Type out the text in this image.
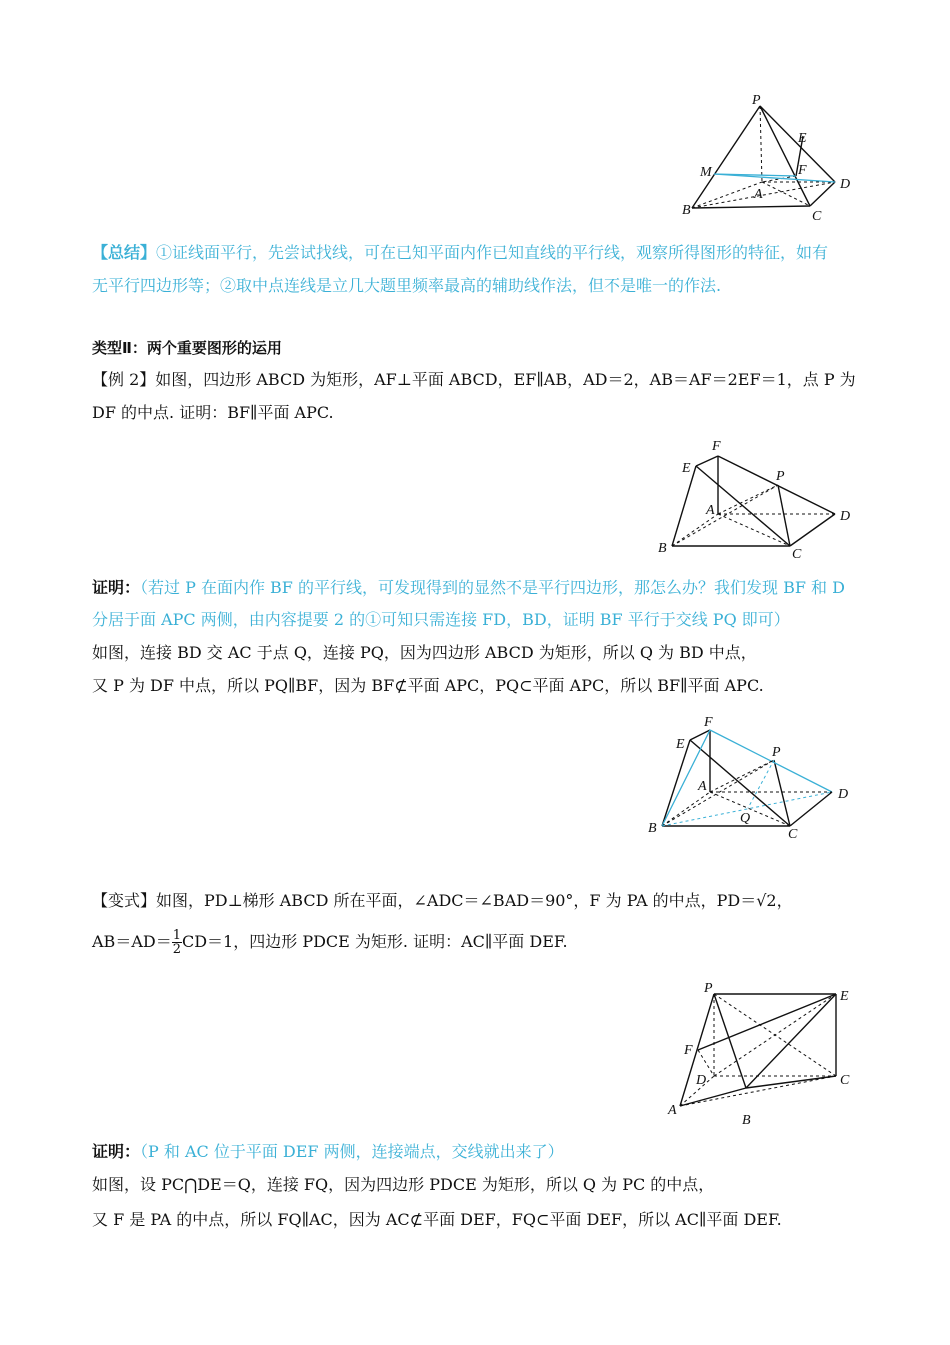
P
E
F
M
A
D
B	C
【总结】①证线面平行，先尝试找线，可在已知平面内作已知直线的平行线，观察所得图形的特征，如有
无平行四边形等；②取中点连线是立几大题里频率最高的辅助线作法，但不是唯一的作法.
类型Ⅱ：两个重要图形的运用
【例 2】如图，四边形 ABCD 为矩形，AF⊥平面 ABCD，EF∥AB，AD＝2，AB＝AF＝2EF＝1，点 P 为
DF 的中点. 证明：BF∥平面 APC.
F
E
P
A	D
B	C
证明：（若过 P 在面内作 BF 的平行线，可发现得到的显然不是平行四边形，那怎么办？我们发现 BF 和 D
分居于面 APC 两侧，由内容提要 2 的①可知只需连接 FD，BD，证明 BF 平行于交线 PQ 即可）
如图，连接 BD 交 AC 于点 Q，连接 PQ，因为四边形 ABCD 为矩形，所以 Q 为 BD 中点，
又 P 为 DF 中点，所以 PQ∥BF，因为 BF⊄平面 APC，PQ⊂平面 APC，所以 BF∥平面 APC.
F
E
P
A
D
Q
B	C
【变式】如图，PD⊥梯形 ABCD 所在平面，∠ADC＝∠BAD＝90°，F 为 PA 的中点，PD＝√2，
$AB=AD= \frac{1}{2} CD=1$，四边形 PDCE 为矩形. 证明：AC∥平面 DEF.
P
E
F
D	C
A
B
证明：（P 和 AC 位于平面 DEF 两侧，连接端点，交线就出来了）
如图，设 PC⋂DE＝Q，连接 FQ，因为四边形 PDCE 为矩形，所以 Q 为 PC 的中点，
又 F 是 PA 的中点，所以 FQ∥AC，因为 AC⊄平面 DEF，FQ⊂平面 DEF，所以 AC∥平面 DEF.
